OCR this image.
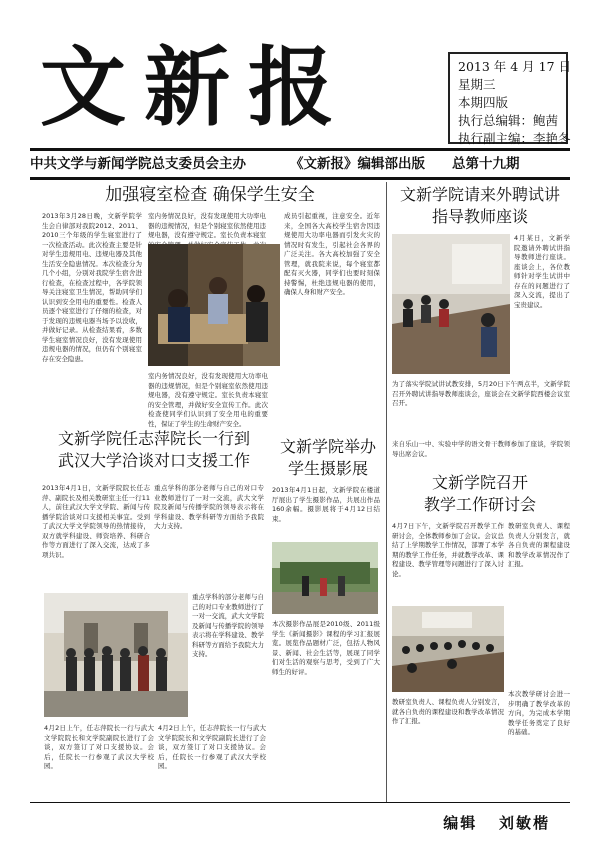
文新报	2013 年 4 月 17 日
星期三
本期四版
执行总编辑：鲍茜
执行副主编：李艳冬
中共文学与新闻学院总支委员会主办	《文新报》编辑部出版 总第十九期
加强寝室检查 确保学生安全
2013年3月28日晚，文新学院学生会自律部对我院2012、2011、2010三个年级的学生寝室进行了一次检查活动。此次检查主要是针对学生违规用电、违规电器及其他生活安全隐患情况。本次检查分为几个小组，分别对我院学生宿舍进行检查，在检查过程中，各学院领导关注寝室卫生情况，帮助同学们认识到安全用电的重要性。检查人员逐个寝室进行了仔细的检查，对于发现的违规电器当场予以没收，并做好记录。从检查结果看，多数学生寝室情况良好，没有发现使用违规电器的情况，但仍有个别寝室存在安全隐患。
室内务情况良好，没有发现使用大功率电器的违规情况，但是个别寝室依然使用违规电器，没有遵守规定。室长负责本寝室
室内务情况良好，没有发现使用大功率电器的违规情况，但是个别寝室依然使用违规电器，没有遵守规定。室长负责本寝室的安全管理，并做好安全宣传工作。此次检查使同学们认识到了安全用电的重要性，保证了学生的生命财产安全。
成员引起重视，注意安全。近年来，全国各大高校学生宿舍因违规使用大功率电器而引发火灾的情况时有发生，引起社会各界的广泛关注。各大高校加强了安全管理，就我院来说，每个寝室都配有灭火器，同学们也要时刻保持警惕，杜绝违规电器的使用，确保人身和财产安全。
文新学院任志萍院长一行到
武汉大学洽谈对口支援工作
2013年4月1日，文新学院院长任志萍、副院长及相关教研室主任一行11人，前往武汉大学文学院、新闻与传播学院洽谈对口支援相关事宜。受到了武汉大学文学院领导的热情接待，双方就学科建设、师资培养、科研合作等方面进行了深入交流，达成了多项共识。
重点学科的部分老师与自己的对口专业教师进行了一对一交流，武大文学院及新闻与传播学院的领导表示将在学科建设、教学科研等方面给予我院大力支持。
重点学科的部分老师与自己的对口专业教师进行了一对一交流，武大文学院及新闻与传播学院的领导表示将在学科建设、教学科研等方面给予我院大力支持。
4月2日上午，任志萍院长一行与武大文学院院长和文学院副院长进行了会谈，双方签订了对口支援协议。会后，任院长一行参观了武汉大学校园。
4月2日上午，任志萍院长一行与武大文学院院长和文学院副院长进行了会谈，双方签订了对口支援协议。会后，任院长一行参观了武汉大学校园。
文新学院举办
学生摄影展
2013年4月1日起，文新学院在楼道厅展出了学生摄影作品，共展出作品160余幅。摄影展将于4月12日结束。
本次摄影作品展是2010级、2011级学生《新闻摄影》课程的学习汇报展览。展览作品题材广泛，包括人物风景、新闻、社会生活等，展现了同学们对生活的观察与思考，受到了广大师生的好评。
文新学院请来外聘试讲
指导教师座谈
4月某日，文新学院邀请外聘试讲指导教师进行座谈。座谈会上，各位教师针对学生试讲中存在的问题进行了深入交流，提出了宝贵建议。
为了落实学院试讲试教安排，5月20日下午两点半，文新学院召开外聘试讲指导教师座谈会，座谈会在文新学院西楼会议室召开。
来自乐山一中、实验中学的语文骨干教师参加了座谈，学院领导出席会议。
文新学院召开
教学工作研讨会
4月7日下午，文新学院召开教学工作研讨会，全体教师参加了会议。会议总结了上学期教学工作情况，部署了本学期的教学工作任务，并就教学改革、课程建设、教学管理等问题进行了深入讨论。
教研室负责人、课程负责人分别发言，就各自负责的课程建设和教学改革情况作了汇报。
教研室负责人、课程负责人分别发言，就各自负责的课程建设和教学改革情况作了汇报。
本次教学研讨会进一步明确了教学改革的方向，为完成本学期教学任务奠定了良好的基础。
编辑 刘敏楷
